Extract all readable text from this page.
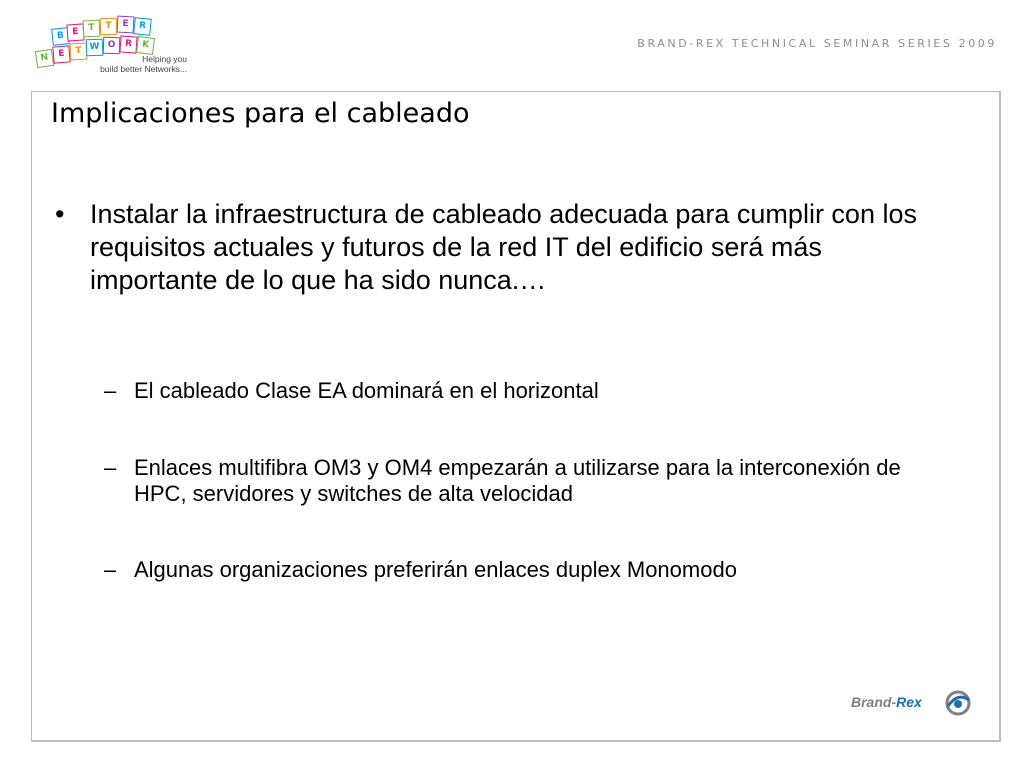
B E	T	T	E	R
N	E	T W O	R	K
Helping you
build better Networks...
BRAND-REX TECHNICAL SEMINAR SERIES 2009
Implicaciones para el cableado
• Instalar la infraestructura de cableado adecuada para cumplir con los requisitos actuales y futuros de la red IT del edificio será más importante de lo que ha sido nunca.…
– El cableado Clase EA dominará en el horizontal
– Enlaces multifibra OM3 y OM4 empezarán a utilizarse para la interconexión de HPC, servidores y switches de alta velocidad
– Algunas organizaciones preferirán enlaces duplex Monomodo
Brand-Rex
